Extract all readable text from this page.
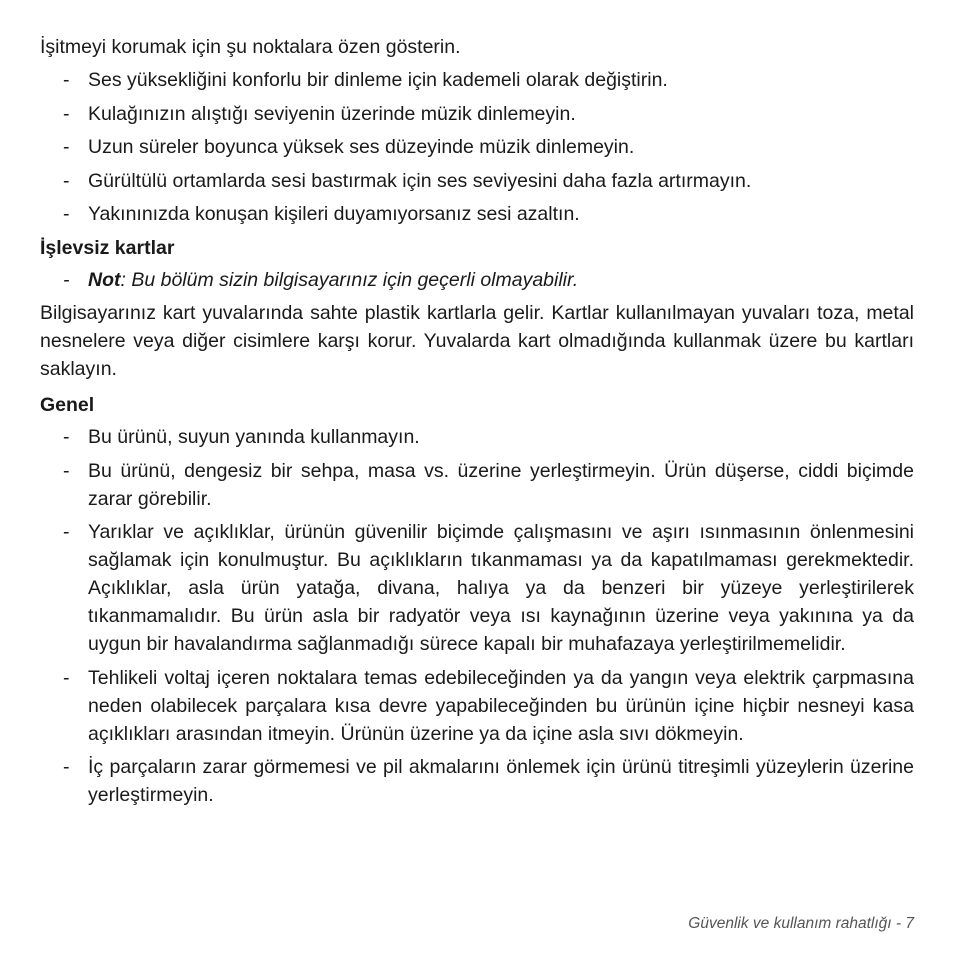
İşitmeyi korumak için şu noktalara özen gösterin.

- Ses yüksekliğini konforlu bir dinleme için kademeli olarak değiştirin.
- Kulağınızın alıştığı seviyenin üzerinde müzik dinlemeyin.
- Uzun süreler boyunca yüksek ses düzeyinde müzik dinlemeyin.
- Gürültülü ortamlarda sesi bastırmak için ses seviyesini daha fazla artırmayın.
- Yakınınızda konuşan kişileri duyamıyorsanız sesi azaltın.
İşlevsiz kartlar
- Not: Bu bölüm sizin bilgisayarınız için geçerli olmayabilir.

Bilgisayarınız kart yuvalarında sahte plastik kartlarla gelir. Kartlar kullanılmayan yuvaları toza, metal nesnelere veya diğer cisimlere karşı korur. Yuvalarda kart olmadığında kullanmak üzere bu kartları saklayın.

Genel
- Bu ürünü, suyun yanında kullanmayın.
- Bu ürünü, dengesiz bir sehpa, masa vs. üzerine yerleştirmeyin. Ürün düşerse, ciddi biçimde zarar görebilir.
- Yarıklar ve açıklıklar, ürünün güvenilir biçimde çalışmasını ve aşırı ısınmasının önlenmesini sağlamak için konulmuştur. Bu açıklıkların tıkanmaması ya da kapatılmaması gerekmektedir. Açıklıklar, asla ürün yatağa, divana, halıya ya da benzeri bir yüzeye yerleştirilerek tıkanmamalıdır. Bu ürün asla bir radyatör veya ısı kaynağının üzerine veya yakınına ya da uygun bir havalandırma sağlanmadığı sürece kapalı bir muhafazaya yerleştirilmemelidir.
- Tehlikeli voltaj içeren noktalara temas edebileceğinden ya da yangın veya elektrik çarpmasına neden olabilecek parçalara kısa devre yapabileceğinden bu ürünün içine hiçbir nesneyi kasa açıklıkları arasından itmeyin. Ürünün üzerine ya da içine asla sıvı dökmeyin.
- İç parçaların zarar görmemesi ve pil akmalarını önlemek için ürünü titreşimli yüzeylerin üzerine yerleştirmeyin.
Güvenlik ve kullanım rahatlığı - 7
